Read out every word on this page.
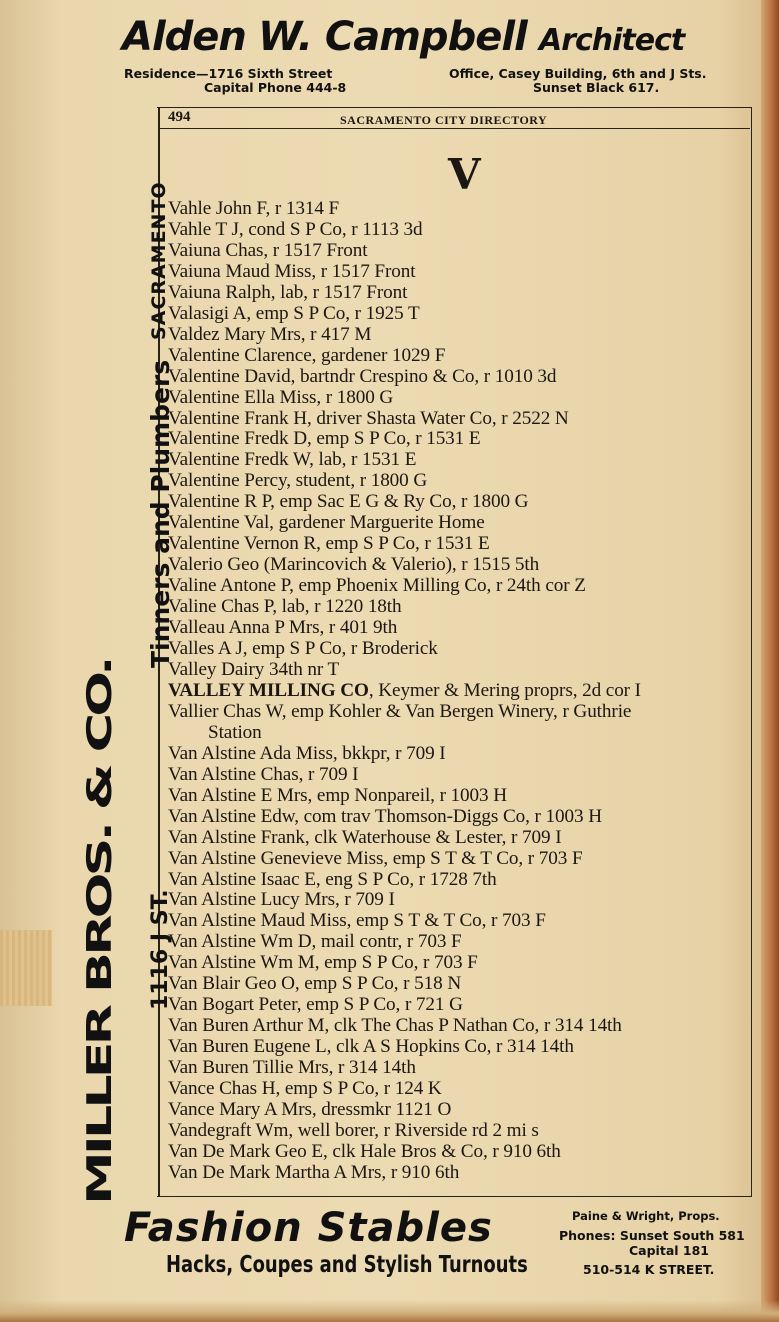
Alden W. Campbell Architect
Residence—1716 Sixth Street
Capital Phone 444-8
Office, Casey Building, 6th and J Sts.
Sunset Black 617.
494	SACRAMENTO CITY DIRECTORY
V
Vahle John F, r 1314 F
Vahle T J, cond S P Co, r 1113 3d
Vaiuna Chas, r 1517 Front
Vaiuna Maud Miss, r 1517 Front
Vaiuna Ralph, lab, r 1517 Front
Valasigi A, emp S P Co, r 1925 T
Valdez Mary Mrs, r 417 M
Valentine Clarence, gardener 1029 F
Valentine David, bartndr Crespino & Co, r 1010 3d
Valentine Ella Miss, r 1800 G
Valentine Frank H, driver Shasta Water Co, r 2522 N
Valentine Fredk D, emp S P Co, r 1531 E
Valentine Fredk W, lab, r 1531 E
Valentine Percy, student, r 1800 G
Valentine R P, emp Sac E G & Ry Co, r 1800 G
Valentine Val, gardener Marguerite Home
Valentine Vernon R, emp S P Co, r 1531 E
Valerio Geo (Marincovich & Valerio), r 1515 5th
Valine Antone P, emp Phoenix Milling Co, r 24th cor Z
Valine Chas P, lab, r 1220 18th
Valleau Anna P Mrs, r 401 9th
Valles A J, emp S P Co, r Broderick
Valley Dairy 34th nr T
VALLEY MILLING CO, Keymer & Mering proprs, 2d cor I
Vallier Chas W, emp Kohler & Van Bergen Winery, r Guthrie
Station
Van Alstine Ada Miss, bkkpr, r 709 I
Van Alstine Chas, r 709 I
Van Alstine E Mrs, emp Nonpareil, r 1003 H
Van Alstine Edw, com trav Thomson-Diggs Co, r 1003 H
Van Alstine Frank, clk Waterhouse & Lester, r 709 I
Van Alstine Genevieve Miss, emp S T & T Co, r 703 F
Van Alstine Isaac E, eng S P Co, r 1728 7th
Van Alstine Lucy Mrs, r 709 I
Van Alstine Maud Miss, emp S T & T Co, r 703 F
Van Alstine Wm D, mail contr, r 703 F
Van Alstine Wm M, emp S P Co, r 703 F
Van Blair Geo O, emp S P Co, r 518 N
Van Bogart Peter, emp S P Co, r 721 G
Van Buren Arthur M, clk The Chas P Nathan Co, r 314 14th
Van Buren Eugene L, clk A S Hopkins Co, r 314 14th
Van Buren Tillie Mrs, r 314 14th
Vance Chas H, emp S P Co, r 124 K
Vance Mary A Mrs, dressmkr 1121 O
Vandegraft Wm, well borer, r Riverside rd 2 mi s
Van De Mark Geo E, clk Hale Bros & Co, r 910 6th
Van De Mark Martha A Mrs, r 910 6th
MILLER BROS. & CO.
Tinners and Plumbers
1116 J ST.
SACRAMENTO
Fashion Stables
Hacks, Coupes and Stylish Turnouts
Paine & Wright, Props.
Phones: Sunset South 581
Capital 181
510-514 K STREET.
